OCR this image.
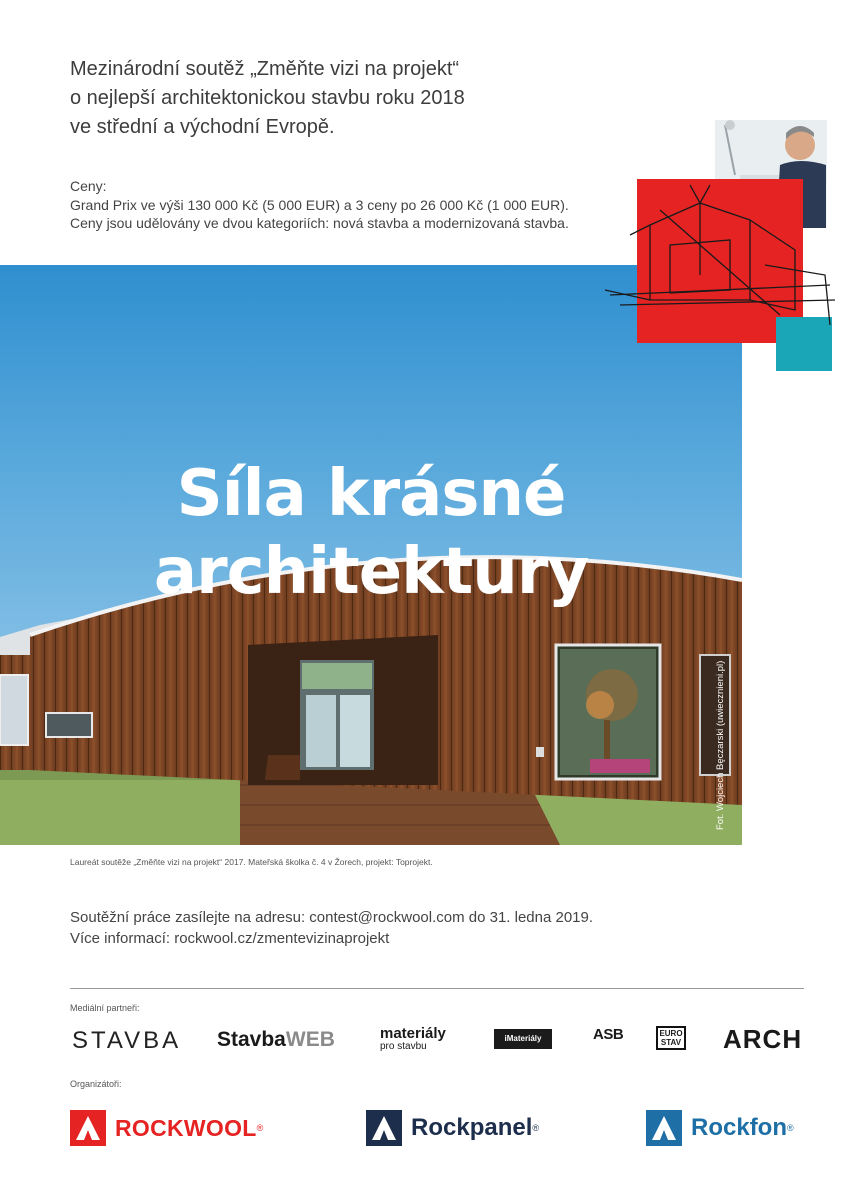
Mezinárodní soutěž „Změňte vizi na projekt“
o nejlepší architektonickou stavbu roku 2018
ve střední a východní Evropě.
Ceny:
Grand Prix ve výši 130 000 Kč (5 000 EUR) a 3 ceny po 26 000 Kč (1 000 EUR).
Ceny jsou udělovány ve dvou kategoriích: nová stavba a modernizovaná stavba.
Síla krásné
architektury
Fot. Wojciech Bęczarski (uwiecznieni.pl)
Laureát soutěže „Změňte vizi na projekt“ 2017. Mateřská školka č. 4 v Žorech, projekt: Toprojekt.
Soutěžní práce zasílejte na adresu: contest@rockwool.com do 31. ledna 2019.
Více informací: rockwool.cz/zmentevizinaprojekt
Mediální partneři:
STAVBA StavbaWEB	materiály
pro stavbu
iMateriály	ASB	EURO
STAV ARCH
Organizátoři:
ROCKWOOL ®	Rockpanel ®	Rockfon ®
